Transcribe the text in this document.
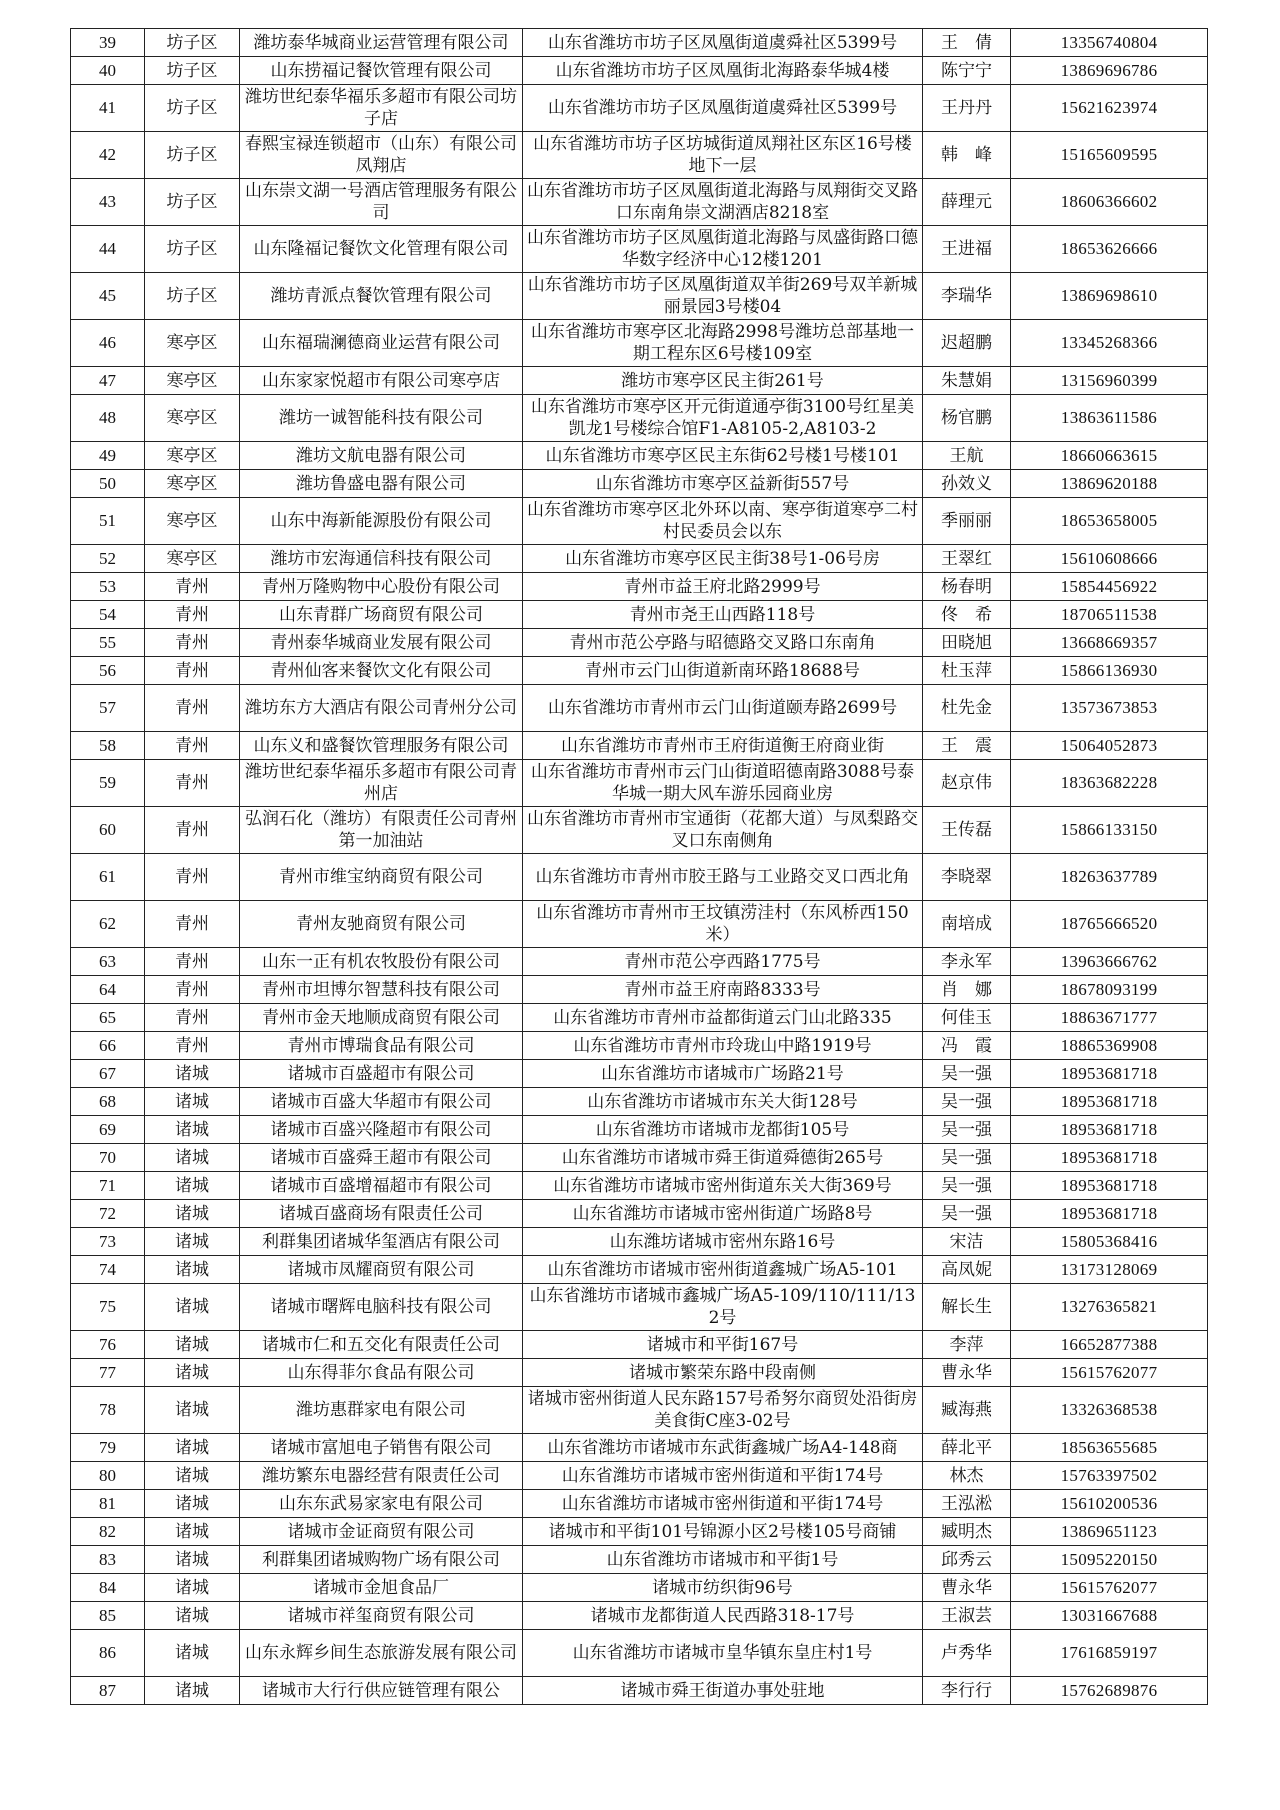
39	坊子区	潍坊泰华城商业运营管理有限公司	山东省潍坊市坊子区凤凰街道虞舜社区5399号	王　倩	13356740804
40	坊子区	山东捞福记餐饮管理有限公司	山东省潍坊市坊子区凤凰街北海路泰华城4楼	陈宁宁	13869696786
41	坊子区	潍坊世纪泰华福乐多超市有限公司坊子店	山东省潍坊市坊子区凤凰街道虞舜社区5399号	王丹丹	15621623974
42	坊子区	春熙宝禄连锁超市（山东）有限公司凤翔店	山东省潍坊市坊子区坊城街道凤翔社区东区16号楼地下一层	韩　峰	15165609595
43	坊子区	山东崇文湖一号酒店管理服务有限公司	山东省潍坊市坊子区凤凰街道北海路与凤翔街交叉路口东南角崇文湖酒店8218室	薛理元	18606366602
44	坊子区	山东隆福记餐饮文化管理有限公司	山东省潍坊市坊子区凤凰街道北海路与凤盛街路口德华数字经济中心12楼1201	王进福	18653626666
45	坊子区	潍坊青派点餐饮管理有限公司	山东省潍坊市坊子区凤凰街道双羊街269号双羊新城丽景园3号楼04	李瑞华	13869698610
46	寒亭区	山东福瑞澜德商业运营有限公司	山东省潍坊市寒亭区北海路2998号潍坊总部基地一期工程东区6号楼109室	迟超鹏	13345268366
47	寒亭区	山东家家悦超市有限公司寒亭店	潍坊市寒亭区民主街261号	朱慧娟	13156960399
48	寒亭区	潍坊一诚智能科技有限公司	山东省潍坊市寒亭区开元街道通亭街3100号红星美凯龙1号楼综合馆F1-A8105-2,A8103-2	杨官鹏	13863611586
49	寒亭区	潍坊文航电器有限公司	山东省潍坊市寒亭区民主东街62号楼1号楼101	王航	18660663615
50	寒亭区	潍坊鲁盛电器有限公司	山东省潍坊市寒亭区益新街557号	孙效义	13869620188
51	寒亭区	山东中海新能源股份有限公司	山东省潍坊市寒亭区北外环以南、寒亭街道寒亭二村村民委员会以东	季丽丽	18653658005
52	寒亭区	潍坊市宏海通信科技有限公司	山东省潍坊市寒亭区民主街38号1-06号房	王翠红	15610608666
53	青州	青州万隆购物中心股份有限公司	青州市益王府北路2999号	杨春明	15854456922
54	青州	山东青群广场商贸有限公司	青州市尧王山西路118号	佟　希	18706511538
55	青州	青州泰华城商业发展有限公司	青州市范公亭路与昭德路交叉路口东南角	田晓旭	13668669357
56	青州	青州仙客来餐饮文化有限公司	青州市云门山街道新南环路18688号	杜玉萍	15866136930
57	青州	潍坊东方大酒店有限公司青州分公司	山东省潍坊市青州市云门山街道颐寿路2699号	杜先金	13573673853
58	青州	山东义和盛餐饮管理服务有限公司	山东省潍坊市青州市王府街道衡王府商业街	王　震	15064052873
59	青州	潍坊世纪泰华福乐多超市有限公司青州店	山东省潍坊市青州市云门山街道昭德南路3088号泰华城一期大风车游乐园商业房	赵京伟	18363682228
60	青州	弘润石化（潍坊）有限责任公司青州第一加油站	山东省潍坊市青州市宝通街（花都大道）与凤梨路交叉口东南侧角	王传磊	15866133150
61	青州	青州市维宝纳商贸有限公司	山东省潍坊市青州市胶王路与工业路交叉口西北角	李晓翠	18263637789
62	青州	青州友驰商贸有限公司	山东省潍坊市青州市王坟镇涝洼村（东风桥西150米）	南培成	18765666520
63	青州	山东一正有机农牧股份有限公司	青州市范公亭西路1775号	李永军	13963666762
64	青州	青州市坦博尔智慧科技有限公司	青州市益王府南路8333号	肖　娜	18678093199
65	青州	青州市金天地顺成商贸有限公司	山东省潍坊市青州市益都街道云门山北路335	何佳玉	18863671777
66	青州	青州市博瑞食品有限公司	山东省潍坊市青州市玲珑山中路1919号	冯　霞	18865369908
67	诸城	诸城市百盛超市有限公司	山东省潍坊市诸城市广场路21号	吴一强	18953681718
68	诸城	诸城市百盛大华超市有限公司	山东省潍坊市诸城市东关大街128号	吴一强	18953681718
69	诸城	诸城市百盛兴隆超市有限公司	山东省潍坊市诸城市龙都街105号	吴一强	18953681718
70	诸城	诸城市百盛舜王超市有限公司	山东省潍坊市诸城市舜王街道舜德街265号	吴一强	18953681718
71	诸城	诸城市百盛增福超市有限公司	山东省潍坊市诸城市密州街道东关大街369号	吴一强	18953681718
72	诸城	诸城百盛商场有限责任公司	山东省潍坊市诸城市密州街道广场路8号	吴一强	18953681718
73	诸城	利群集团诸城华玺酒店有限公司	山东潍坊诸城市密州东路16号	宋洁	15805368416
74	诸城	诸城市凤耀商贸有限公司	山东省潍坊市诸城市密州街道鑫城广场A5-101	高凤妮	13173128069
75	诸城	诸城市曙辉电脑科技有限公司	山东省潍坊市诸城市鑫城广场A5-109/110/111/132号	解长生	13276365821
76	诸城	诸城市仁和五交化有限责任公司	诸城市和平街167号	李萍	16652877388
77	诸城	山东得菲尔食品有限公司	诸城市繁荣东路中段南侧	曹永华	15615762077
78	诸城	潍坊惠群家电有限公司	诸城市密州街道人民东路157号希努尔商贸处沿街房美食街C座3-02号	臧海燕	13326368538
79	诸城	诸城市富旭电子销售有限公司	山东省潍坊市诸城市东武街鑫城广场A4-148商	薛北平	18563655685
80	诸城	潍坊繁东电器经营有限责任公司	山东省潍坊市诸城市密州街道和平街174号	林杰	15763397502
81	诸城	山东东武易家家电有限公司	山东省潍坊市诸城市密州街道和平街174号	王泓淞	15610200536
82	诸城	诸城市金证商贸有限公司	诸城市和平街101号锦源小区2号楼105号商铺	臧明杰	13869651123
83	诸城	利群集团诸城购物广场有限公司	山东省潍坊市诸城市和平街1号	邱秀云	15095220150
84	诸城	诸城市金旭食品厂	诸城市纺织街96号	曹永华	15615762077
85	诸城	诸城市祥玺商贸有限公司	诸城市龙都街道人民西路318-17号	王淑芸	13031667688
86	诸城	山东永辉乡间生态旅游发展有限公司	山东省潍坊市诸城市皇华镇东皇庄村1号	卢秀华	17616859197
87	诸城	诸城市大行行供应链管理有限公	诸城市舜王街道办事处驻地	李行行	15762689876
